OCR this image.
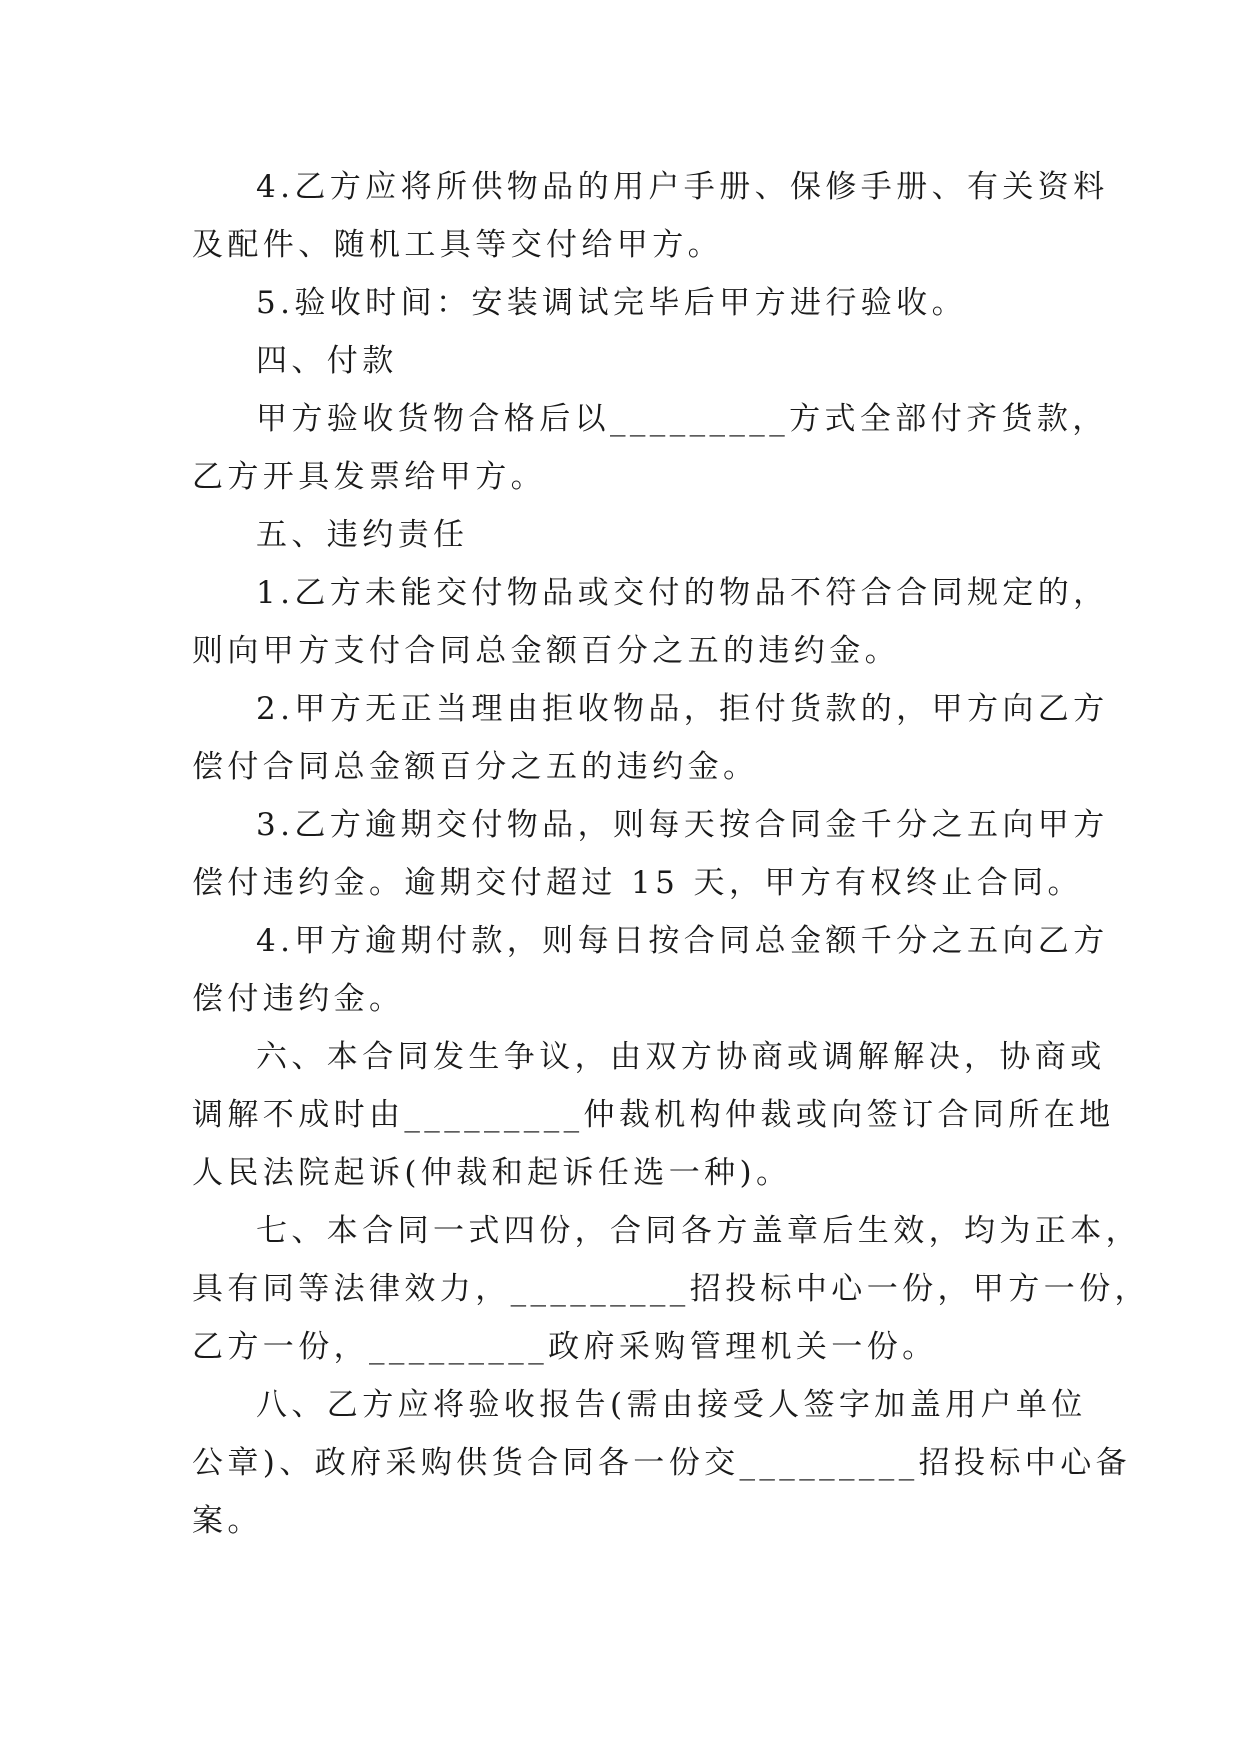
4.乙方应将所供物品的用户手册、保修手册、有关资料
及配件、随机工具等交付给甲方。
5.验收时间：安装调试完毕后甲方进行验收。
四、付款
甲方验收货物合格后以_________方式全部付齐货款，
乙方开具发票给甲方。
五、违约责任
1.乙方未能交付物品或交付的物品不符合合同规定的，
则向甲方支付合同总金额百分之五的违约金。
2.甲方无正当理由拒收物品，拒付货款的，甲方向乙方
偿付合同总金额百分之五的违约金。
3.乙方逾期交付物品，则每天按合同金千分之五向甲方
偿付违约金。逾期交付超过 15 天，甲方有权终止合同。
4.甲方逾期付款，则每日按合同总金额千分之五向乙方
偿付违约金。
六、本合同发生争议，由双方协商或调解解决，协商或
调解不成时由_________仲裁机构仲裁或向签订合同所在地
人民法院起诉(仲裁和起诉任选一种)。
七、本合同一式四份，合同各方盖章后生效，均为正本，
具有同等法律效力，_________招投标中心一份，甲方一份，
乙方一份，_________政府采购管理机关一份。
八、乙方应将验收报告(需由接受人签字加盖用户单位
公章)、政府采购供货合同各一份交_________招投标中心备
案。
